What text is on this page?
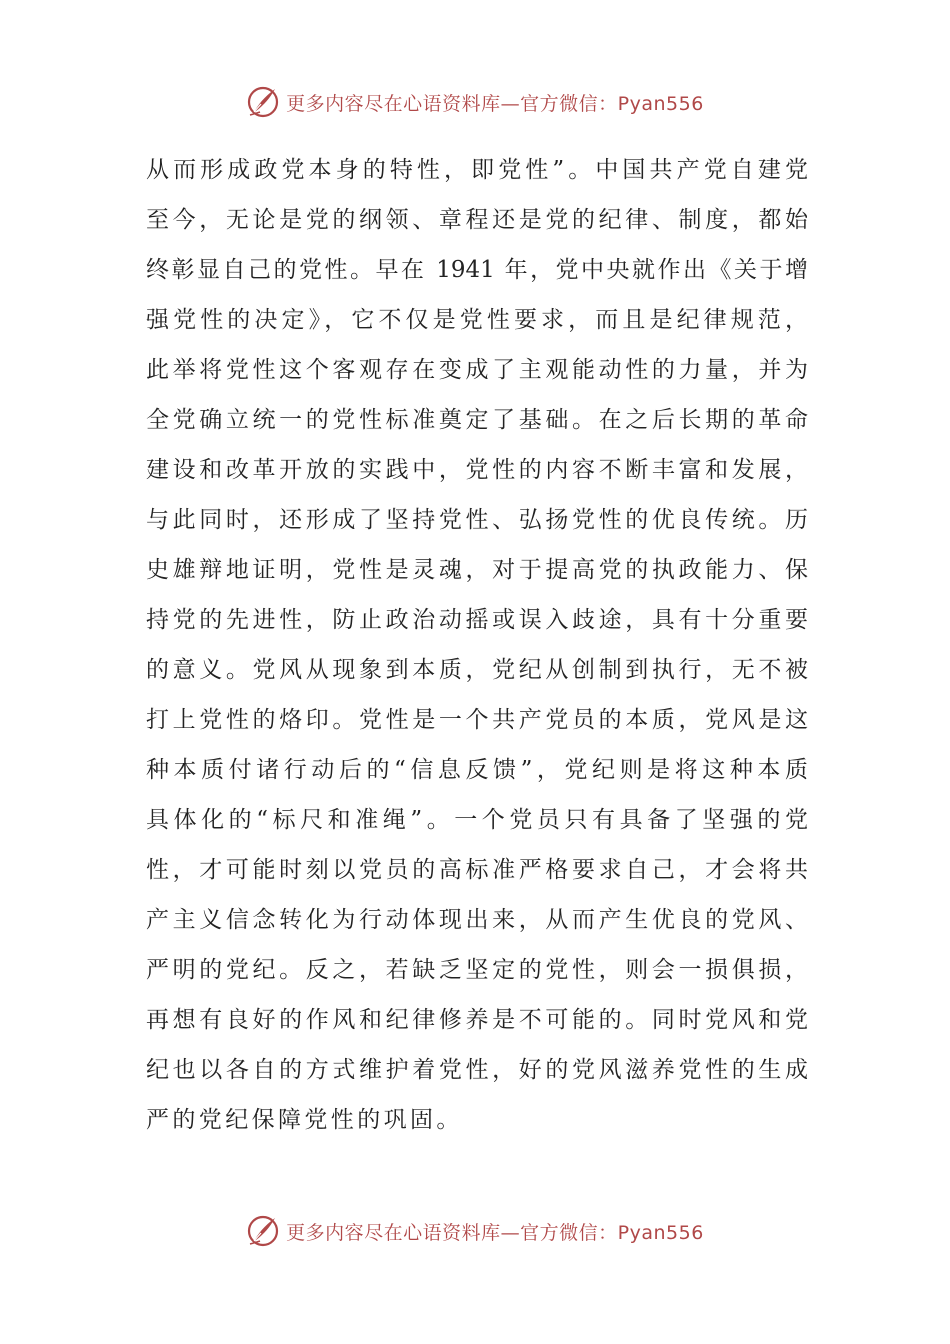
更多内容尽在心语资料库—官方微信：Pyan556
从而形成政党本身的特性，即党性”。中国共产党自建党
至今，无论是党的纲领、章程还是党的纪律、制度，都始
终彰显自己的党性。早在 1941 年，党中央就作出《关于增
强党性的决定》，它不仅是党性要求，而且是纪律规范，
此举将党性这个客观存在变成了主观能动性的力量，并为
全党确立统一的党性标准奠定了基础。在之后长期的革命
建设和改革开放的实践中，党性的内容不断丰富和发展，
与此同时，还形成了坚持党性、弘扬党性的优良传统。历
史雄辩地证明，党性是灵魂，对于提高党的执政能力、保
持党的先进性，防止政治动摇或误入歧途，具有十分重要
的意义。党风从现象到本质，党纪从创制到执行，无不被
打上党性的烙印。党性是一个共产党员的本质，党风是这
种本质付诸行动后的“信息反馈”，党纪则是将这种本质
具体化的“标尺和准绳”。一个党员只有具备了坚强的党
性，才可能时刻以党员的高标准严格要求自己，才会将共
产主义信念转化为行动体现出来，从而产生优良的党风、
严明的党纪。反之，若缺乏坚定的党性，则会一损俱损，
再想有良好的作风和纪律修养是不可能的。同时党风和党
纪也以各自的方式维护着党性，好的党风滋养党性的生成
严的党纪保障党性的巩固。
更多内容尽在心语资料库—官方微信：Pyan556
